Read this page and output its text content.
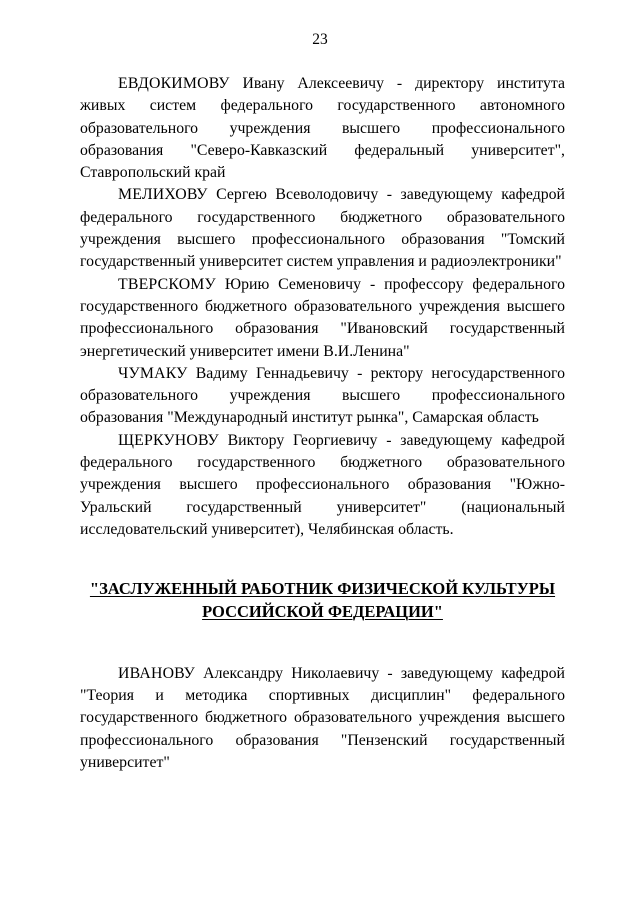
23

ЕВДОКИМОВУ Ивану Алексеевичу - директору института живых систем федерального государственного автономного образовательного учреждения высшего профессионального образования "Северо-Кавказский федеральный университет", Ставропольский край

МЕЛИХОВУ Сергею Всеволодовичу - заведующему кафедрой федерального государственного бюджетного образовательного учреждения высшего профессионального образования "Томский государственный университет систем управления и радиоэлектроники"

ТВЕРСКОМУ Юрию Семеновичу - профессору федерального государственного бюджетного образовательного учреждения высшего профессионального образования "Ивановский государственный энергетический университет имени В.И.Ленина"

ЧУМАКУ Вадиму Геннадьевичу - ректору негосударственного образовательного учреждения высшего профессионального образования "Международный институт рынка", Самарская область

ЩЕРКУНОВУ Виктору Георгиевичу - заведующему кафедрой федерального государственного бюджетного образовательного учреждения высшего профессионального образования "Южно-Уральский государственный университет" (национальный исследовательский университет), Челябинская область.

"ЗАСЛУЖЕННЫЙ РАБОТНИК ФИЗИЧЕСКОЙ КУЛЬТУРЫ
РОССИЙСКОЙ ФЕДЕРАЦИИ"

ИВАНОВУ Александру Николаевичу - заведующему кафедрой "Теория и методика спортивных дисциплин" федерального государственного бюджетного образовательного учреждения высшего профессионального образования "Пензенский государственный университет"
